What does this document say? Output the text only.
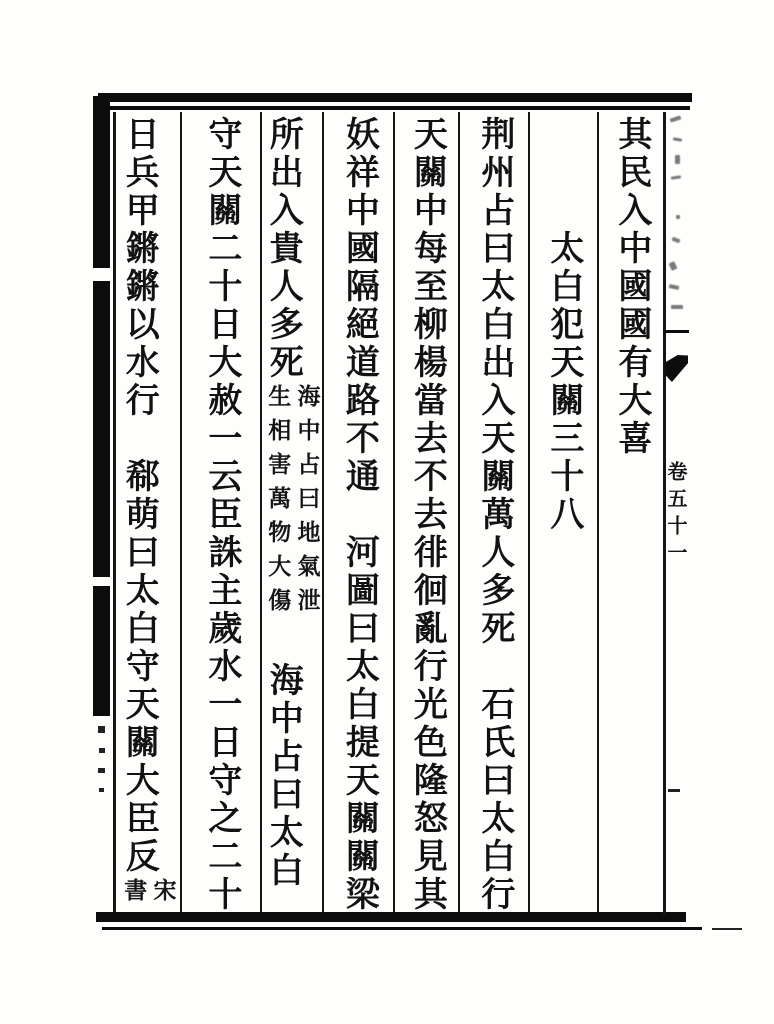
卷五十一
其民入中國國有大喜
　　　太白犯天關三十八
荆州占曰太白出入天關萬人多死　石氏曰太白行
天關中每至柳楊當去不去徘徊亂行光色隆怒見其
妖祥中國隔絕道路不通　河圖曰太白提天關關梁
所出入貴人多死
海中占曰地氣泄
生相害萬物大傷
　海中占曰太白
守天關二十日大赦一云臣誅主歲水一日守之二十
日兵甲鏘鏘以水行　郗萌曰太白守天關大臣反
宋
書
